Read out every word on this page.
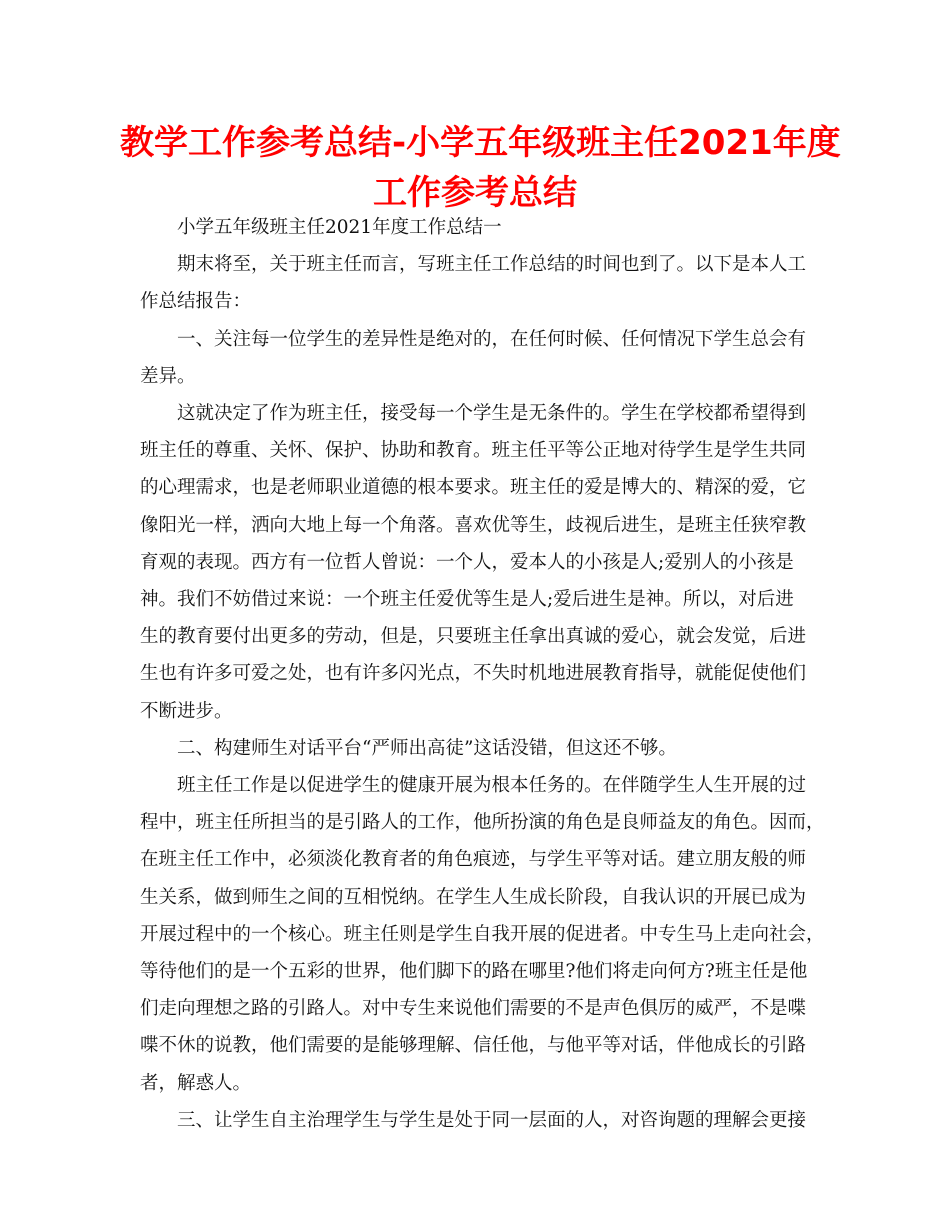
教学工作参考总结-小学五年级班主任2021年度
工作参考总结
小学五年级班主任2021年度工作总结一
期末将至，关于班主任而言，写班主任工作总结的时间也到了。以下是本人工
作总结报告：
一、关注每一位学生的差异性是绝对的，在任何时候、任何情况下学生总会有
差异。
这就决定了作为班主任，接受每一个学生是无条件的。学生在学校都希望得到
班主任的尊重、关怀、保护、协助和教育。班主任平等公正地对待学生是学生共同
的心理需求，也是老师职业道德的根本要求。班主任的爱是博大的、精深的爱，它
像阳光一样，洒向大地上每一个角落。喜欢优等生，歧视后进生，是班主任狭窄教
育观的表现。西方有一位哲人曾说：一个人，爱本人的小孩是人;爱别人的小孩是
神。我们不妨借过来说：一个班主任爱优等生是人;爱后进生是神。所以，对后进
生的教育要付出更多的劳动，但是，只要班主任拿出真诚的爱心，就会发觉，后进
生也有许多可爱之处，也有许多闪光点，不失时机地进展教育指导，就能促使他们
不断进步。
二、构建师生对话平台“严师出高徒”这话没错，但这还不够。
班主任工作是以促进学生的健康开展为根本任务的。在伴随学生人生开展的过
程中，班主任所担当的是引路人的工作，他所扮演的角色是良师益友的角色。因而，
在班主任工作中，必须淡化教育者的角色痕迹，与学生平等对话。建立朋友般的师
生关系，做到师生之间的互相悦纳。在学生人生成长阶段，自我认识的开展已成为
开展过程中的一个核心。班主任则是学生自我开展的促进者。中专生马上走向社会，
等待他们的是一个五彩的世界，他们脚下的路在哪里?他们将走向何方?班主任是他
们走向理想之路的引路人。对中专生来说他们需要的不是声色俱厉的威严，不是喋
喋不休的说教，他们需要的是能够理解、信任他，与他平等对话，伴他成长的引路
者，解惑人。
三、让学生自主治理学生与学生是处于同一层面的人，对咨询题的理解会更接
